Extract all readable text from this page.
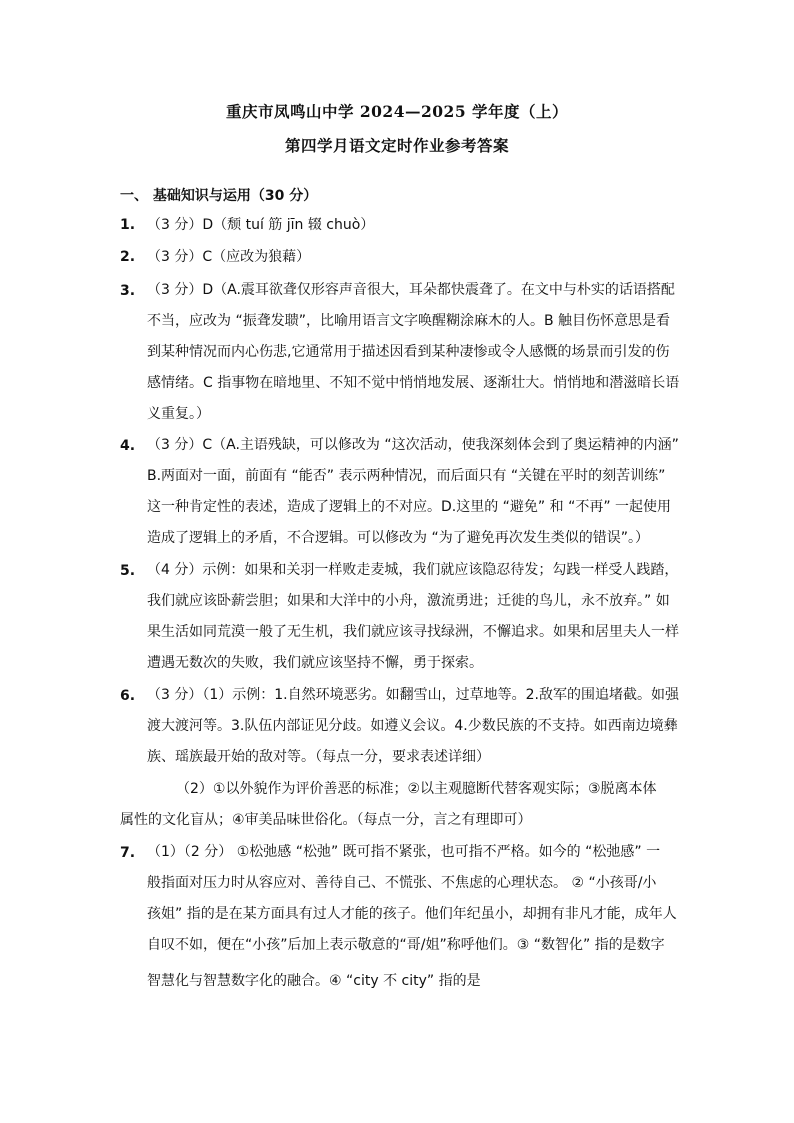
重庆市凤鸣山中学 2024—2025 学年度（上）
第四学月语文定时作业参考答案
一、 基础知识与运用（30 分）
1. （3 分）D（颓 tuí 筋 jīn 辍 chuò）
2. （3 分）C（应改为狼藉）
3. （3 分）D（A.震耳欲聋仅形容声音很大，耳朵都快震聋了。在文中与朴实的话语搭配
不当，应改为 “振聋发聩”，比喻用语言文字唤醒糊涂麻木的人。B 触目伤怀意思是看
到某种情况而内心伤悲,它通常用于描述因看到某种凄惨或令人感慨的场景而引发的伤
感情绪。C 指事物在暗地里、不知不觉中悄悄地发展、逐渐壮大。悄悄地和潜滋暗长语
义重复。）
4. （3 分）C（A.主语残缺，可以修改为 “这次活动，使我深刻体会到了奥运精神的内涵”
B.两面对一面，前面有 “能否” 表示两种情况，而后面只有 “关键在平时的刻苦训练”
这一种肯定性的表述，造成了逻辑上的不对应。D.这里的 “避免” 和 “不再” 一起使用
造成了逻辑上的矛盾，不合逻辑。可以修改为 “为了避免再次发生类似的错误”。）
5. （4 分）示例：如果和关羽一样败走麦城，我们就应该隐忍待发；勾践一样受人践踏，
我们就应该卧薪尝胆；如果和大洋中的小舟，激流勇进；迁徙的鸟儿，永不放弃。” 如
果生活如同荒漠一般了无生机，我们就应该寻找绿洲，不懈追求。如果和居里夫人一样
遭遇无数次的失败，我们就应该坚持不懈，勇于探索。
6. （3 分）（1）示例：1.自然环境恶劣。如翻雪山，过草地等。2.敌军的围追堵截。如强
渡大渡河等。3.队伍内部证见分歧。如遵义会议。4.少数民族的不支持。如西南边境彝
族、瑶族最开始的敌对等。（每点一分，要求表述详细）
（2）①以外貌作为评价善恶的标准；②以主观臆断代替客观实际；③脱离本体
属性的文化盲从；④审美品味世俗化。（每点一分，言之有理即可）
7. （1）（2 分） ①松弛感 “松弛” 既可指不紧张，也可指不严格。如今的 “松弛感” 一
般指面对压力时从容应对、善待自己、不慌张、不焦虑的心理状态。 ② “小孩哥/小
孩姐” 指的是在某方面具有过人才能的孩子。他们年纪虽小，却拥有非凡才能，成年人
自叹不如，便在“小孩”后加上表示敬意的“哥/姐”称呼他们。③ “数智化” 指的是数字
智慧化与智慧数字化的融合。④ “city 不 city” 指的是
